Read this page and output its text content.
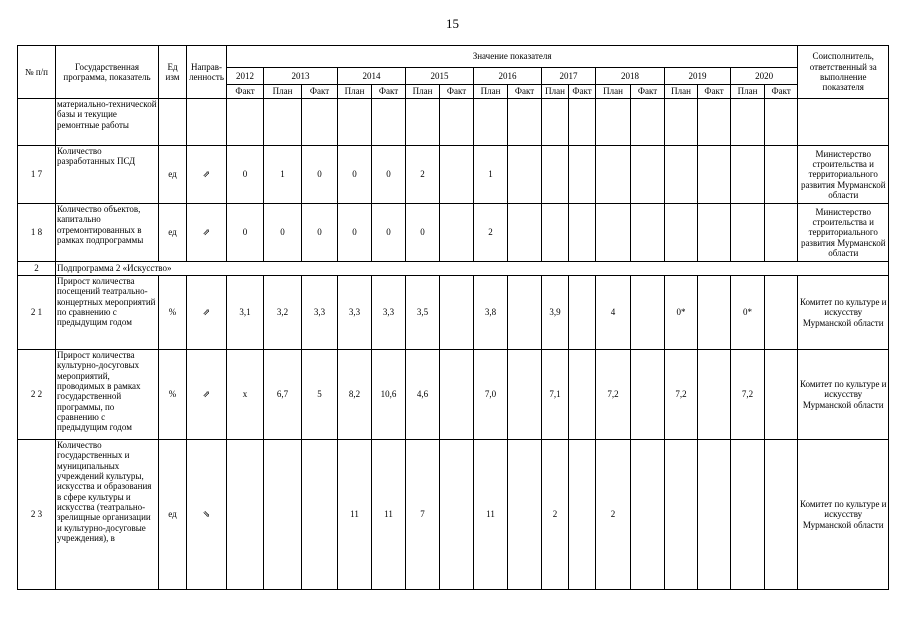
15
№ п/п	Государственная программа, показатель	Ед изм	Направ-ленность	Значение показателя																	Соисполнитель, ответственный за выполнение показателя
				2012	2013		2014		2015		2016		2017		2018		2019		2020		
				Факт	План	Факт	План	Факт	План	Факт	План	Факт	План	Факт	План	Факт	План	Факт	План	Факт	
	материально-технической базы и текущие ремонтные работы																				
1 7	Количество разработанных ПСД	ед	⇗	0	1	0	0	0	2		1										Министерство строительства и территориального развития Мурманской области
1 8	Количество объектов, капитально отремонтированных в рамках подпрограммы	ед	⇗	0	0	0	0	0	0		2										Министерство строительства и территориального развития Мурманской области
2	Подпрограмма 2 «Искусство»																				
2 1	Прирост количества посещений театрально-концертных мероприятий по сравнению с предыдущим годом	%	⇗	3,1	3,2	3,3	3,3	3,3	3,5		3,8		3,9		4		0*		0*		Комитет по культуре и искусству Мурманской области
2 2	Прирост количества культурно-досуговых мероприятий, проводимых в рамках государственной программы, по сравнению с предыдущим годом	%	⇗	х	6,7	5	8,2	10,6	4,6		7,0		7,1		7,2		7,2		7,2		Комитет по культуре и искусству Мурманской области
2 3	Количество государственных и муниципальных учреждений культуры, искусства и образования в сфере культуры и искусства (театрально-зрелищные организации и культурно-досуговые учреждения), в	ед	⇘				11	11	7		11		2		2						Комитет по культуре и искусству Мурманской области
